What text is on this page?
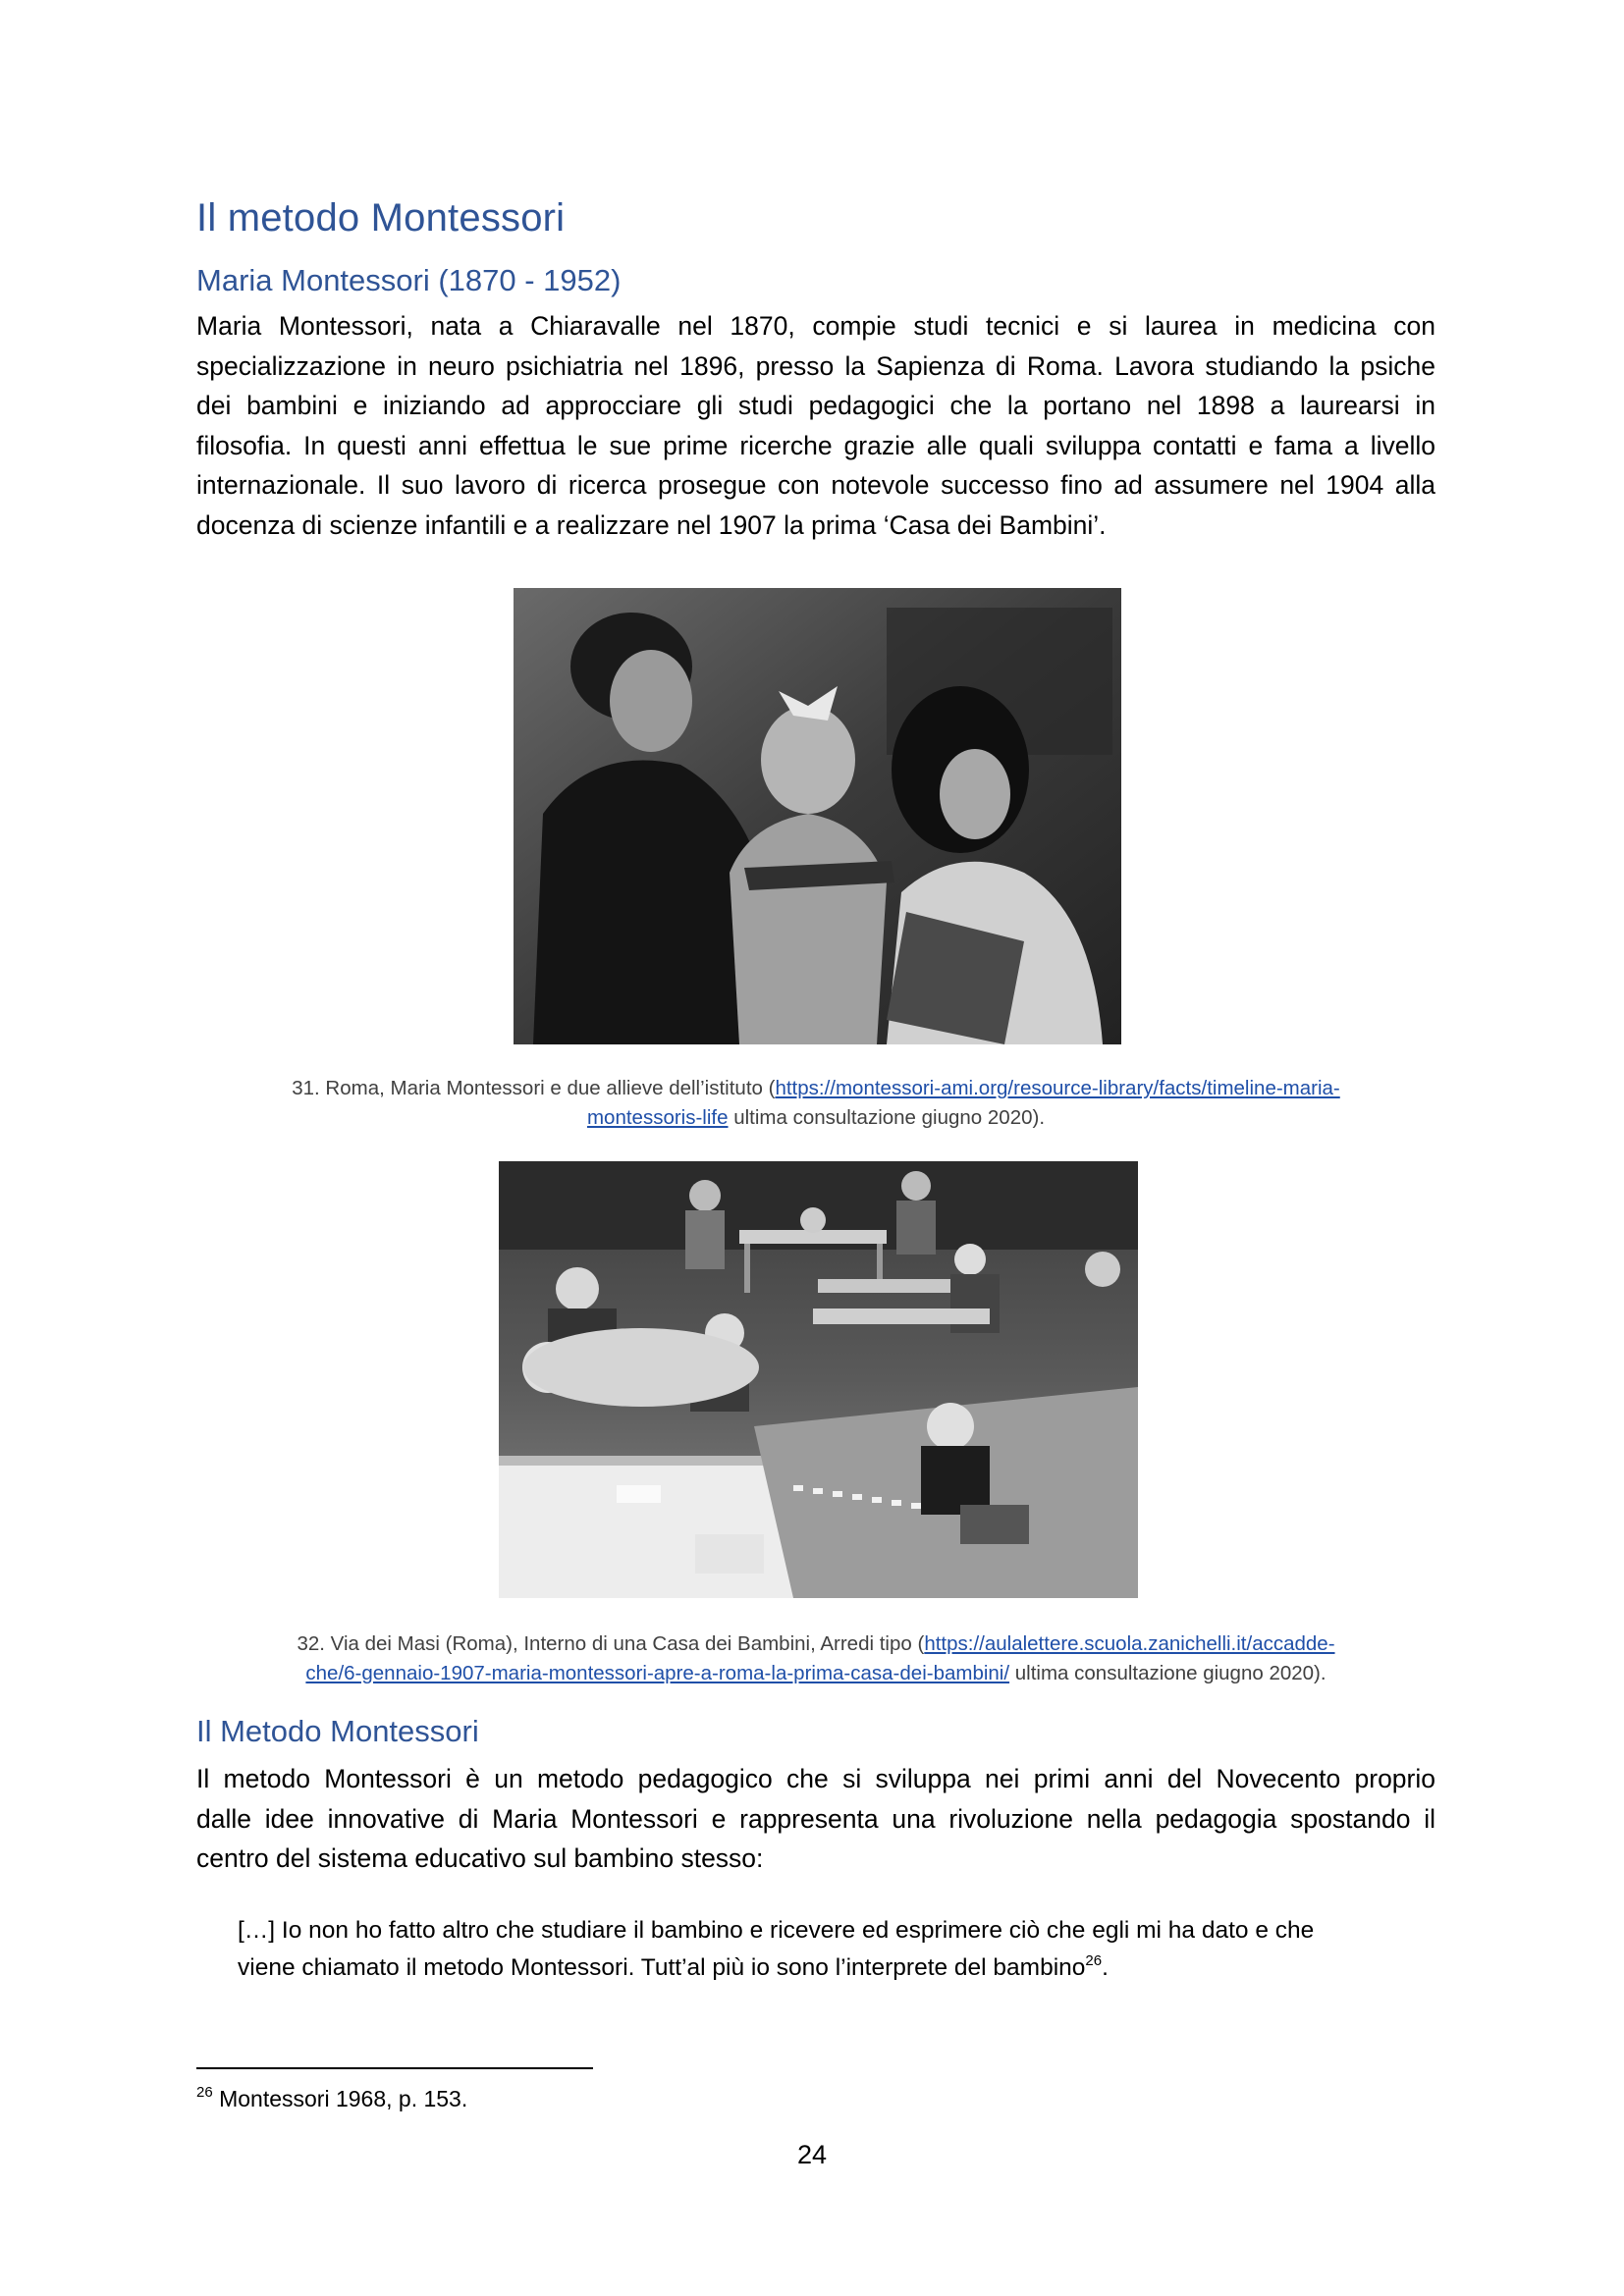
Il metodo Montessori
Maria Montessori (1870 - 1952)
Maria Montessori, nata a Chiaravalle nel 1870, compie studi tecnici e si laurea in medicina con
specializzazione in neuro psichiatria nel 1896, presso la Sapienza di Roma. Lavora studiando la psiche
dei bambini e iniziando ad approcciare gli studi pedagogici che la portano nel 1898 a laurearsi in
filosofia. In questi anni effettua le sue prime ricerche grazie alle quali sviluppa contatti e fama a livello
internazionale. Il suo lavoro di ricerca prosegue con notevole successo fino ad assumere nel 1904 alla
docenza di scienze infantili e a realizzare nel 1907 la prima ‘Casa dei Bambini’.
31. Roma, Maria Montessori e due allieve dell’istituto (https://montessori-ami.org/resource-library/facts/timeline-maria-
montessoris-life ultima consultazione giugno 2020).
32. Via dei Masi (Roma), Interno di una Casa dei Bambini, Arredi tipo (https://aulalettere.scuola.zanichelli.it/accadde-
che/6-gennaio-1907-maria-montessori-apre-a-roma-la-prima-casa-dei-bambini/ ultima consultazione giugno 2020).
Il Metodo Montessori
Il metodo Montessori è un metodo pedagogico che si sviluppa nei primi anni del Novecento proprio
dalle idee innovative di Maria Montessori e rappresenta una rivoluzione nella pedagogia spostando il
centro del sistema educativo sul bambino stesso:
[…] Io non ho fatto altro che studiare il bambino e ricevere ed esprimere ciò che egli mi ha dato e che
viene chiamato il metodo Montessori. Tutt’al più io sono l’interprete del bambino$^{26}$.

$^{26}$ Montessori 1968, p. 153.

24
